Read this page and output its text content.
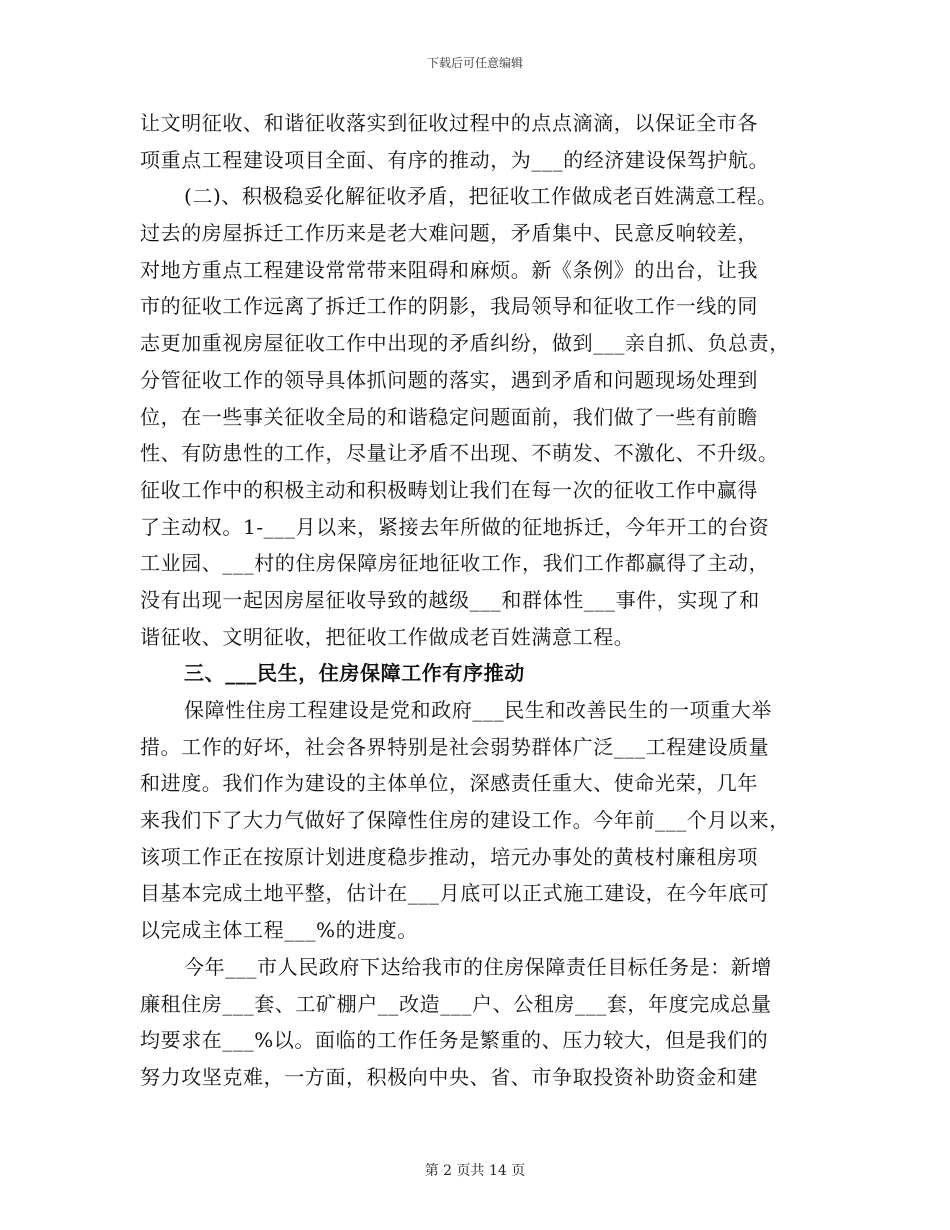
下载后可任意编辑
让文明征收、和谐征收落实到征收过程中的点点滴滴，以保证全市各
项重点工程建设项目全面、有序的推动，为___的经济建设保驾护航。
(二)、积极稳妥化解征收矛盾，把征收工作做成老百姓满意工程。
过去的房屋拆迁工作历来是老大难问题，矛盾集中、民意反响较差，
对地方重点工程建设常常带来阻碍和麻烦。新《条例》的出台，让我
市的征收工作远离了拆迁工作的阴影，我局领导和征收工作一线的同
志更加重视房屋征收工作中出现的矛盾纠纷，做到___亲自抓、负总责，
分管征收工作的领导具体抓问题的落实，遇到矛盾和问题现场处理到
位，在一些事关征收全局的和谐稳定问题面前，我们做了一些有前瞻
性、有防患性的工作，尽量让矛盾不出现、不萌发、不激化、不升级。
征收工作中的积极主动和积极畴划让我们在每一次的征收工作中赢得
了主动权。1-___月以来，紧接去年所做的征地拆迁，今年开工的台资
工业园、___村的住房保障房征地征收工作，我们工作都赢得了主动，
没有出现一起因房屋征收导致的越级___和群体性___事件，实现了和
谐征收、文明征收，把征收工作做成老百姓满意工程。
三、___民生，住房保障工作有序推动
保障性住房工程建设是党和政府___民生和改善民生的一项重大举
措。工作的好坏，社会各界特别是社会弱势群体广泛___工程建设质量
和进度。我们作为建设的主体单位，深感责任重大、使命光荣，几年
来我们下了大力气做好了保障性住房的建设工作。今年前___个月以来，
该项工作正在按原计划进度稳步推动，培元办事处的黄枝村廉租房项
目基本完成土地平整，估计在___月底可以正式施工建设，在今年底可
以完成主体工程___%的进度。
今年___市人民政府下达给我市的住房保障责任目标任务是：新增
廉租住房___套、工矿棚户__改造___户、公租房___套，年度完成总量
均要求在___%以。面临的工作任务是繁重的、压力较大，但是我们的
努力攻坚克难，一方面，积极向中央、省、市争取投资补助资金和建
第 2 页共 14 页
